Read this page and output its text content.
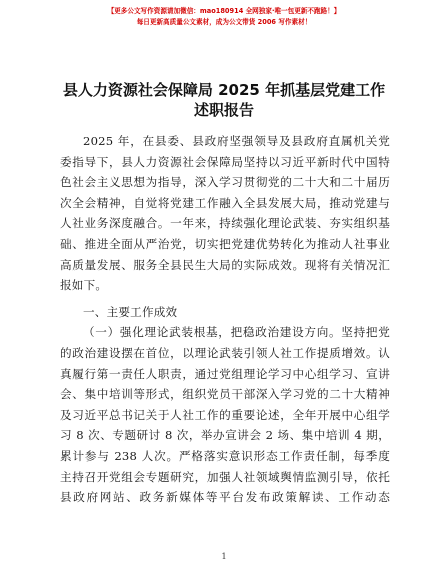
【更多公文写作资源请加微信：mao180914 全网独家·唯一包更新不跑路！】
每日更新高质量公文素材，成为公文带货 2006 写作素材！
县人力资源社会保障局 2025 年抓基层党建工作
述职报告
2025 年，在县委、县政府坚强领导及县政府直属机关党
委指导下，县人力资源社会保障局坚持以习近平新时代中国特
色社会主义思想为指导，深入学习贯彻党的二十大和二十届历
次全会精神，自觉将党建工作融入全县发展大局，推动党建与
人社业务深度融合。一年来，持续强化理论武装、夯实组织基
础、推进全面从严治党，切实把党建优势转化为推动人社事业
高质量发展、服务全县民生大局的实际成效。现将有关情况汇
报如下。
一、主要工作成效
（一）强化理论武装根基，把稳政治建设方向。坚持把党
的政治建设摆在首位，以理论武装引领人社工作提质增效。认
真履行第一责任人职责，通过党组理论学习中心组学习、宣讲
会、集中培训等形式，组织党员干部深入学习党的二十大精神
及习近平总书记关于人社工作的重要论述，全年开展中心组学
习 8 次、专题研讨 8 次，举办宣讲会 2 场、集中培训 4 期，
累计参与 238 人次。严格落实意识形态工作责任制，每季度
主持召开党组会专题研究，加强人社领域舆情监测引导，依托
县政府网站、政务新媒体等平台发布政策解读、工作动态
1
